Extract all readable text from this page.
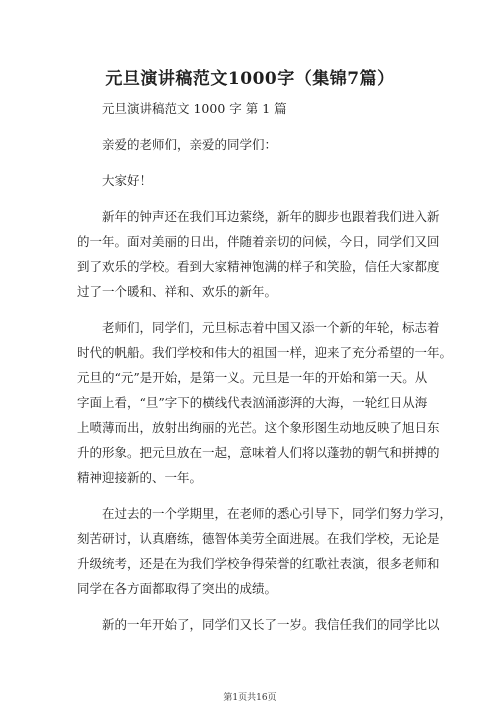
元旦演讲稿范文1000字（集锦7篇）
元旦演讲稿范文 1000 字 第 1 篇
亲爱的老师们，亲爱的同学们：
大家好！
新年的钟声还在我们耳边萦绕，新年的脚步也跟着我们进入新
的一年。面对美丽的日出，伴随着亲切的问候，今日，同学们又回
到了欢乐的学校。看到大家精神饱满的样子和笑脸，信任大家都度
过了一个暖和、祥和、欢乐的新年。
老师们，同学们，元旦标志着中国又添一个新的年轮，标志着
时代的帆船。我们学校和伟大的祖国一样，迎来了充分希望的一年。
元旦的“元”是开始，是第一义。元旦是一年的开始和第一天。从
字面上看，“旦”字下的横线代表汹涌澎湃的大海，一轮红日从海
上喷薄而出，放射出绚丽的光芒。这个象形图生动地反映了旭日东
升的形象。把元旦放在一起，意味着人们将以蓬勃的朝气和拼搏的
精神迎接新的、一年。
在过去的一个学期里，在老师的悉心引导下，同学们努力学习，
刻苦研讨，认真磨练，德智体美劳全面进展。在我们学校，无论是
升级统考，还是在为我们学校争得荣誉的红歌社表演，很多老师和
同学在各方面都取得了突出的成绩。
新的一年开始了，同学们又长了一岁。我信任我们的同学比以
第1页共16页
